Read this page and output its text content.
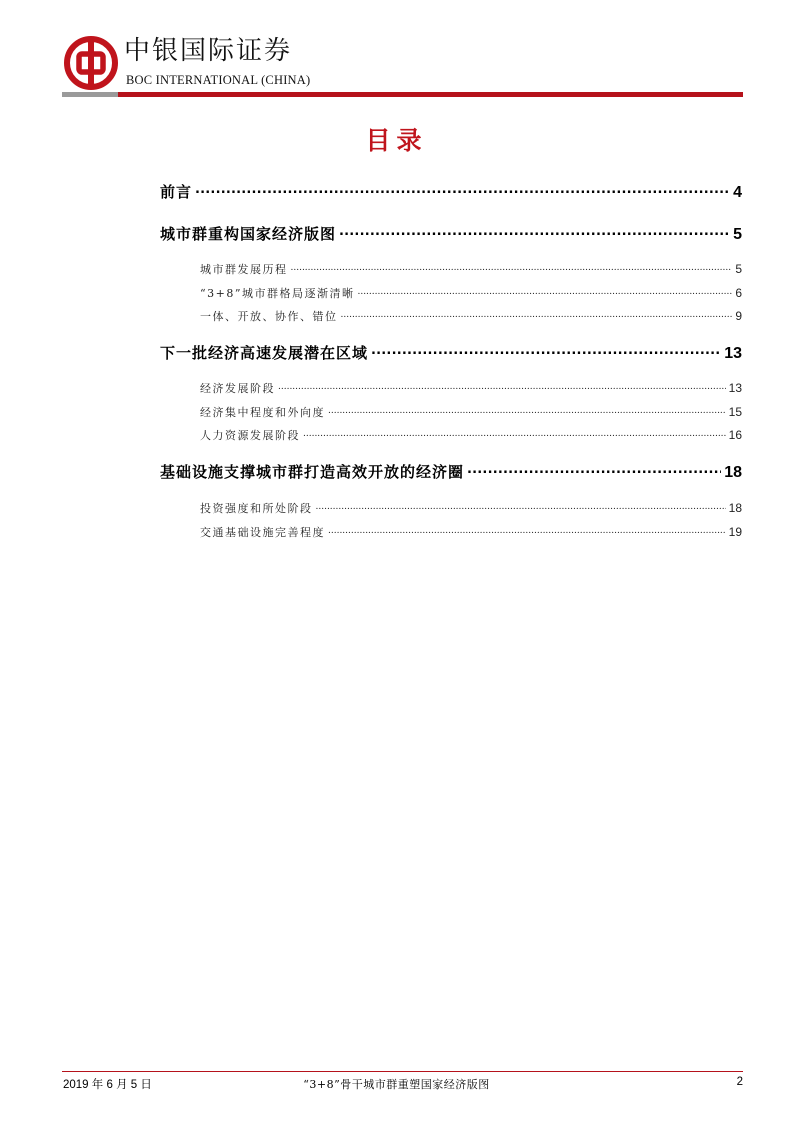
中银国际证券
BOC INTERNATIONAL (CHINA)
目录
前言 .....	4
城市群重构国家经济版图 .....	5
城市群发展历程 .....	5
“3+8”城市群格局逐渐清晰 .....	6
一体、开放、协作、错位 .....	9
下一批经济高速发展潜在区域 .....	13
经济发展阶段 .....	13
经济集中程度和外向度 .....	15
人力资源发展阶段 .....	16
基础设施支撑城市群打造高效开放的经济圈 .....	18
投资强度和所处阶段 .....	18
交通基础设施完善程度 .....	19
2019 年 6 月 5 日	“3+8”骨干城市群重塑国家经济版图	2
